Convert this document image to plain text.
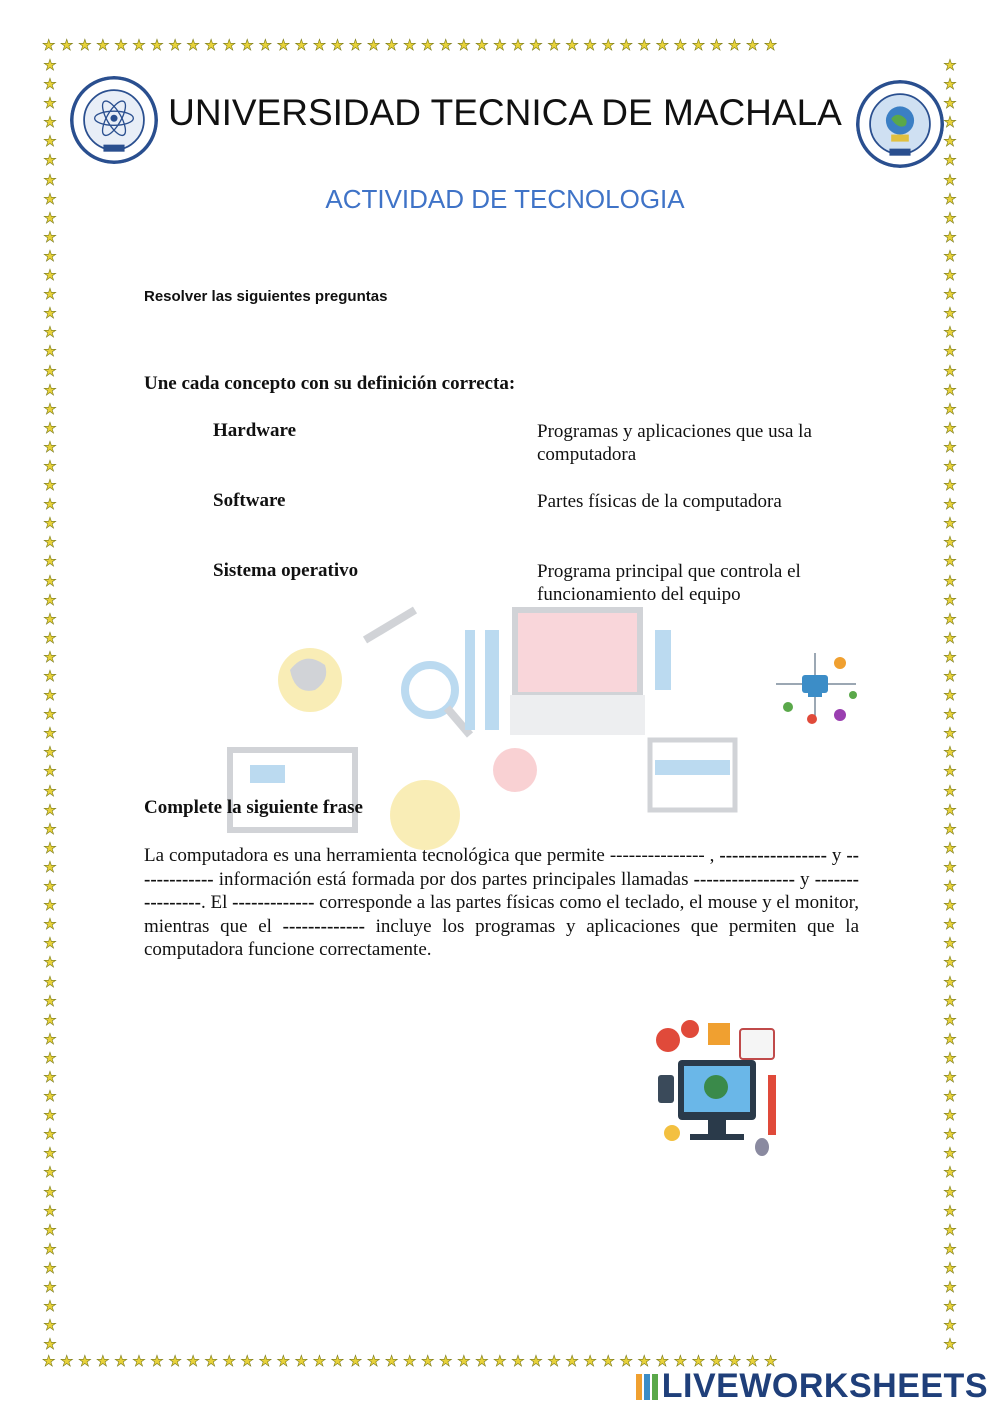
★★★★★★★★★★★★★★★★★★★★★★★★★★★★★★★★★★★★★★★★★
★★★★★★★★★★★★★★★★★★★★★★★★★★★★★★★★★★★★★★★★★
★
★
★
★
★
★
★
★
★
★
★
★
★
★
★
★
★
★
★
★
★
★
★
★
★
★
★
★
★
★
★
★
★
★
★
★
★
★
★
★
★
★
★
★
★
★
★
★
★
★
★
★
★
★
★
★
★
★
★
★
★
★
★
★
★
★
★
★
★
★
★
★
★
★
★
★
★
★
★
★
★
★
★
★
★
★
★
★
★
★
★
★
★
★
★
★
★
★
★
★
★
★
★
★
★
★
★
★
★
★
★
★
★
★
★
★
★
★
★
★
★
★
★
★
★
★
★
★
★
★
★
★
★
★
★
★
UNIVERSIDAD TECNICA DE MACHALA
ACTIVIDAD DE TECNOLOGIA
Resolver las siguientes preguntas
Une cada concepto con su definición correcta:
Hardware
Software
Sistema operativo
Programas y aplicaciones que usa la computadora
Partes físicas de la computadora
Programa principal que controla el funcionamiento del equipo
Complete la siguiente frase
La computadora es una herramienta tecnológica que permite --------------- , ----------------- y ------------- información está formada por dos partes principales llamadas ---------------- y ----------------. El ------------- corresponde a las partes físicas como el teclado, el mouse y el monitor, mientras que el ------------- incluye los programas y aplicaciones que permiten que la computadora funcione correctamente.
LIVEWORKSHEETS
